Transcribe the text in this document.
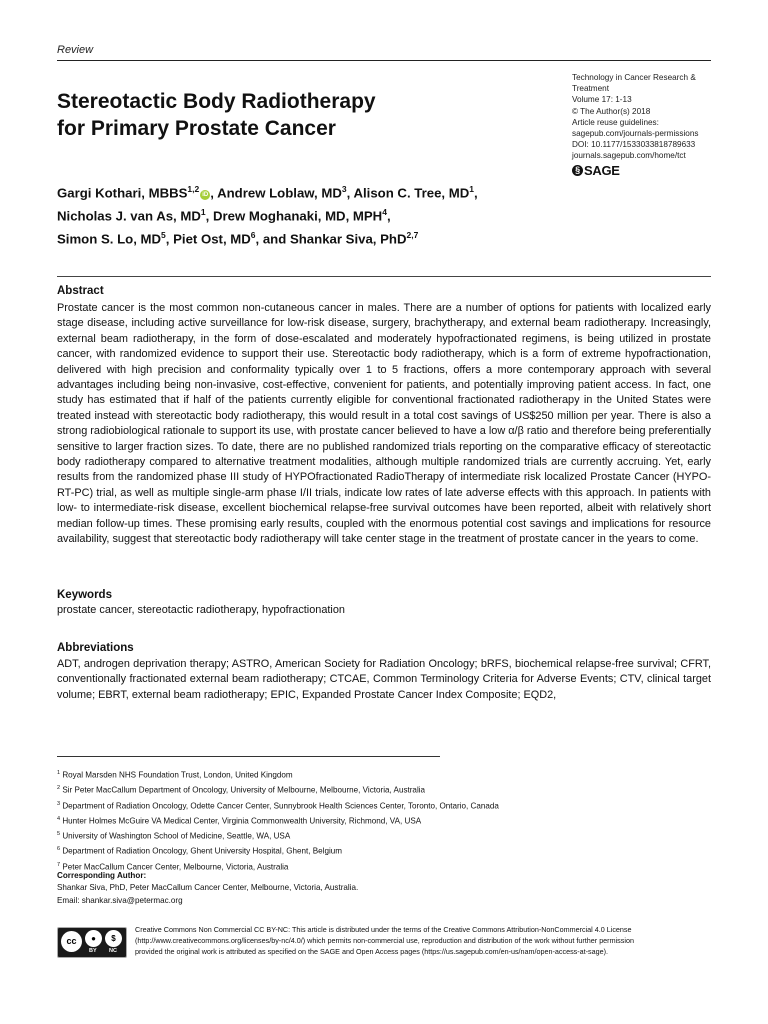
Review
Stereotactic Body Radiotherapy
for Primary Prostate Cancer
Technology in Cancer Research &
Treatment
Volume 17: 1-13
© The Author(s) 2018
Article reuse guidelines:
sagepub.com/journals-permissions
DOI: 10.1177/1533033818789633
journals.sagepub.com/home/tct
§ SAGE
Gargi Kothari, MBBS$^{1,2}$iD , Andrew Loblaw, $MD^3$, Alison C. Tree, $MD^1$,
Nicholas J. van As, $MD^1$, Drew Moghanaki, MD, MPH$^4$,
Simon S. Lo, $MD^5$, Piet Ost, $MD^6$, and Shankar Siva, PhD$^{2,7}$
Abstract
Prostate cancer is the most common non-cutaneous cancer in males. There are a number of options for patients with localized early stage disease, including active surveillance for low-risk disease, surgery, brachytherapy, and external beam radiotherapy. Increasingly, external beam radiotherapy, in the form of dose-escalated and moderately hypofractionated regimens, is being utilized in prostate cancer, with randomized evidence to support their use. Stereotactic body radiotherapy, which is a form of extreme hypofractionation, delivered with high precision and conformality typically over 1 to 5 fractions, offers a more contemporary approach with several advantages including being non-invasive, cost-effective, convenient for patients, and potentially improving patient access. In fact, one study has estimated that if half of the patients currently eligible for conventional fractionated radiotherapy in the United States were treated instead with stereotactic body radiotherapy, this would result in a total cost savings of US$250 million per year. There is also a strong radiobiological rationale to support its use, with prostate cancer believed to have a low α/β ratio and therefore being preferentially sensitive to larger fraction sizes. To date, there are no published randomized trials reporting on the comparative efficacy of stereotactic body radiotherapy compared to alternative treatment modalities, although multiple randomized trials are currently accruing. Yet, early results from the randomized phase III study of HYPOfractionated RadioTherapy of intermediate risk localized Prostate Cancer (HYPO-RT-PC) trial, as well as multiple single-arm phase I/II trials, indicate low rates of late adverse effects with this approach. In patients with low- to intermediate-risk disease, excellent biochemical relapse-free survival outcomes have been reported, albeit with relatively short median follow-up times. These promising early results, coupled with the enormous potential cost savings and implications for resource availability, suggest that stereotactic body radiotherapy will take center stage in the treatment of prostate cancer in the years to come.
Keywords
prostate cancer, stereotactic radiotherapy, hypofractionation
Abbreviations
ADT, androgen deprivation therapy; ASTRO, American Society for Radiation Oncology; bRFS, biochemical relapse-free survival; CFRT, conventionally fractionated external beam radiotherapy; CTCAE, Common Terminology Criteria for Adverse Events; CTV, clinical target volume; EBRT, external beam radiotherapy; EPIC, Expanded Prostate Cancer Index Composite; EQD2,
$^1$ Royal Marsden NHS Foundation Trust, London, United Kingdom
$^2$ Sir Peter MacCallum Department of Oncology, University of Melbourne, Melbourne, Victoria, Australia
$^3$ Department of Radiation Oncology, Odette Cancer Center, Sunnybrook Health Sciences Center, Toronto, Ontario, Canada
$^4$ Hunter Holmes McGuire VA Medical Center, Virginia Commonwealth University, Richmond, VA, USA
$^5$ University of Washington School of Medicine, Seattle, WA, USA
$^6$ Department of Radiation Oncology, Ghent University Hospital, Ghent, Belgium
$^7$ Peter MacCallum Cancer Center, Melbourne, Victoria, Australia
Corresponding Author:
Shankar Siva, PhD, Peter MacCallum Cancer Center, Melbourne, Victoria, Australia.
Email: shankar.siva@petermac.org
cc	●	$
BY NC
Creative Commons Non Commercial CC BY-NC: This article is distributed under the terms of the Creative Commons Attribution-NonCommercial 4.0 License
(http://www.creativecommons.org/licenses/by-nc/4.0/) which permits non-commercial use, reproduction and distribution of the work without further permission
provided the original work is attributed as specified on the SAGE and Open Access pages (https://us.sagepub.com/en-us/nam/open-access-at-sage).
